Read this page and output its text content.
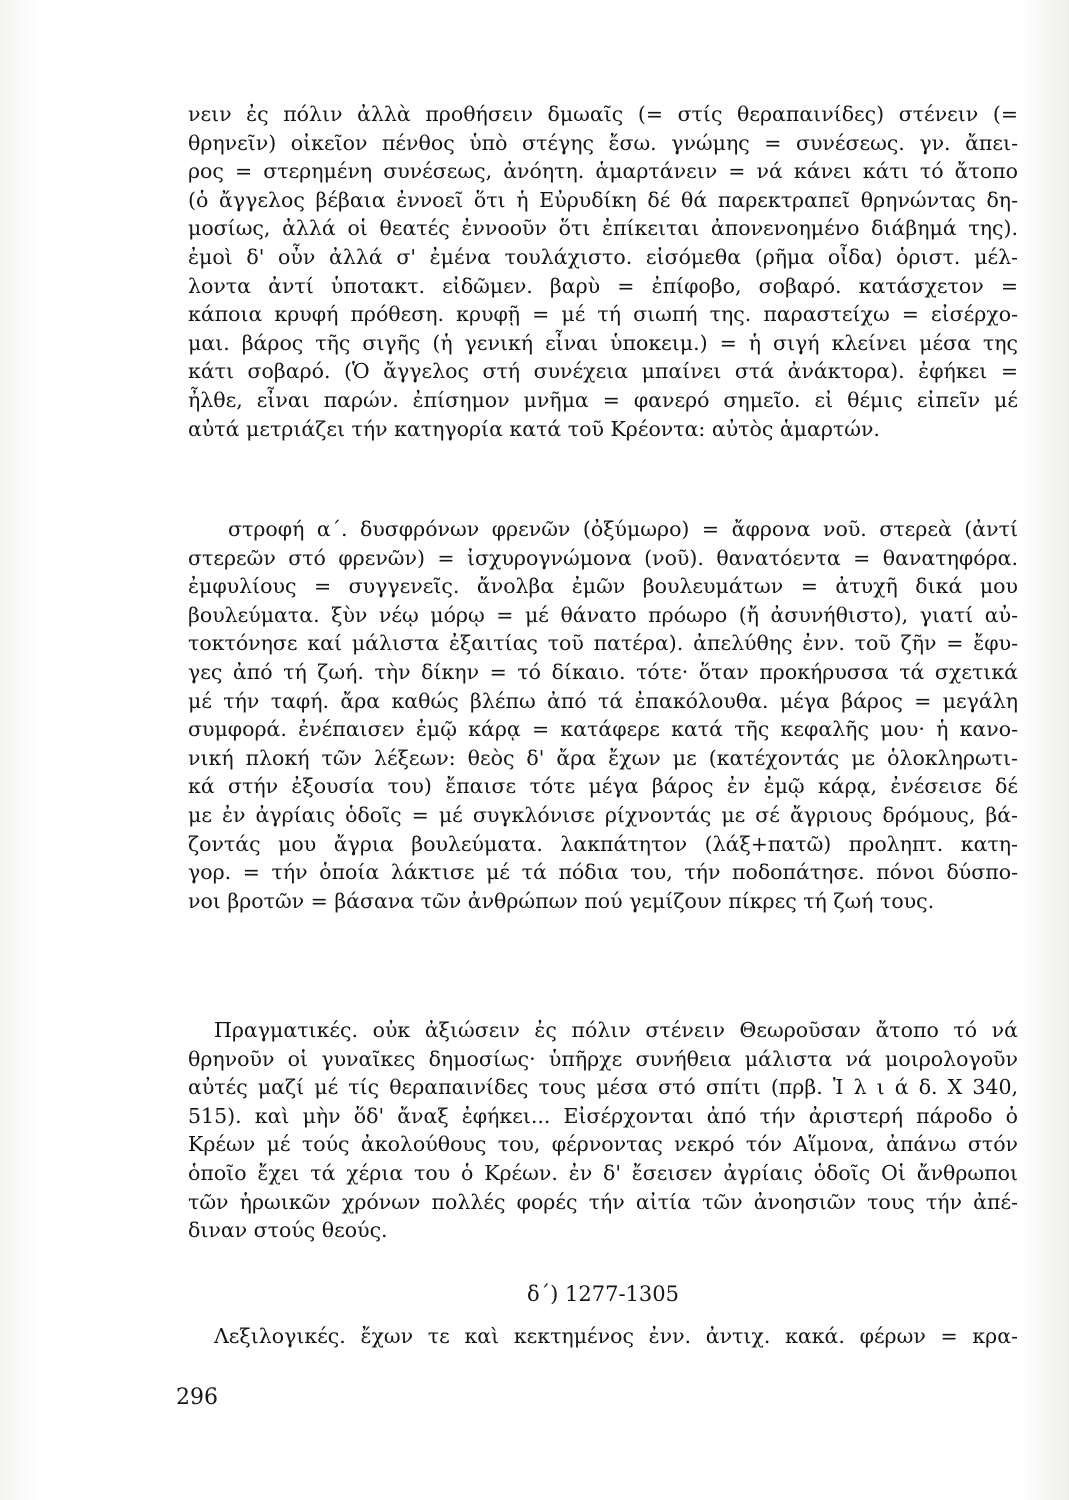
νειν ἐς πόλιν ἀλλὰ προθήσειν δμωαῖς (= στίς θεραπαινίδες) στένειν (=
θρηνεῖν) οἰκεῖον πένθος ὑπὸ στέγης ἔσω. γνώμης = συνέσεως. γν. ἄπει-
ρος = στερημένη συνέσεως, ἀνόητη. ἁμαρτάνειν = νά κάνει κάτι τό ἄτοπο
(ὁ ἄγγελος βέβαια ἐννοεῖ ὅτι ἡ Εὐρυδίκη δέ θά παρεκτραπεῖ θρηνώντας δη-
μοσίως, ἀλλά οἱ θεατές ἐννοοῦν ὅτι ἐπίκειται ἀπονενοημένο διάβημά της).
ἐμοὶ δ' οὖν ἀλλά σ' ἐμένα τουλάχιστο. εἰσόμεθα (ρῆμα οἶδα) ὁριστ. μέλ-
λοντα ἀντί ὑποτακτ. εἰδῶμεν. βαρὺ = ἐπίφοβο, σοβαρό. κατάσχετον =
κάποια κρυφή πρόθεση. κρυφῇ = μέ τή σιωπή της. παραστείχω = εἰσέρχο-
μαι. βάρος τῆς σιγῆς (ἡ γενική εἶναι ὑποκειμ.) = ἡ σιγή κλείνει μέσα της
κάτι σοβαρό. (Ὁ ἄγγελος στή συνέχεια μπαίνει στά ἀνάκτορα). ἐφήκει =
ἦλθε, εἶναι παρών. ἐπίσημον μνῆμα = φανερό σημεῖο. εἰ θέμις εἰπεῖν μέ
αὐτά μετριάζει τήν κατηγορία κατά τοῦ Κρέοντα: αὐτὸς ἁμαρτών.
στροφή α΄. δυσφρόνων φρενῶν (ὀξύμωρο) = ἄφρονα νοῦ. στερεὰ (ἀντί
στερεῶν στό φρενῶν) = ἰσχυρογνώμονα (νοῦ). θανατόεντα = θανατηφόρα.
ἐμφυλίους = συγγενεῖς. ἄνολβα ἐμῶν βουλευμάτων = ἀτυχῆ δικά μου
βουλεύματα. ξὺν νέῳ μόρῳ = μέ θάνατο πρόωρο (ἤ ἀσυνήθιστο), γιατί αὐ-
τοκτόνησε καί μάλιστα ἐξαιτίας τοῦ πατέρα). ἀπελύθης ἐνν. τοῦ ζῆν = ἔφυ-
γες ἀπό τή ζωή. τὴν δίκην = τό δίκαιο. τότε· ὅταν προκήρυσσα τά σχετικά
μέ τήν ταφή. ἄρα καθώς βλέπω ἀπό τά ἐπακόλουθα. μέγα βάρος = μεγάλη
συμφορά. ἐνέπαισεν ἐμῷ κάρᾳ = κατάφερε κατά τῆς κεφαλῆς μου· ἡ κανο-
νική πλοκή τῶν λέξεων: θεὸς δ' ἄρα ἔχων με (κατέχοντάς με ὁλοκληρωτι-
κά στήν ἐξουσία του) ἔπαισε τότε μέγα βάρος ἐν ἐμῷ κάρᾳ, ἐνέσεισε δέ
με ἐν ἀγρίαις ὁδοῖς = μέ συγκλόνισε ρίχνοντάς με σέ ἄγριους δρόμους, βά-
ζοντάς μου ἄγρια βουλεύματα. λακπάτητον (λάξ+πατῶ) προληπτ. κατη-
γορ. = τήν ὁποία λάκτισε μέ τά πόδια του, τήν ποδοπάτησε. πόνοι δύσπο-
νοι βροτῶν = βάσανα τῶν ἀνθρώπων πού γεμίζουν πίκρες τή ζωή τους.
Πραγματικές. οὐκ ἀξιώσειν ἐς πόλιν στένειν Θεωροῦσαν ἄτοπο τό νά
θρηνοῦν οἱ γυναῖκες δημοσίως· ὑπῆρχε συνήθεια μάλιστα νά μοιρολογοῦν
αὐτές μαζί μέ τίς θεραπαινίδες τους μέσα στό σπίτι (πρβ. Ἰ λ ι ά δ. Χ 340,
515). καὶ μὴν ὅδ' ἄναξ ἐφήκει... Εἰσέρχονται ἀπό τήν ἀριστερή πάροδο ὁ
Κρέων μέ τούς ἀκολούθους του, φέρνοντας νεκρό τόν Αἵμονα, ἀπάνω στόν
ὁποῖο ἔχει τά χέρια του ὁ Κρέων. ἐν δ' ἔσεισεν ἀγρίαις ὁδοῖς Οἱ ἄνθρωποι
τῶν ἡρωικῶν χρόνων πολλές φορές τήν αἰτία τῶν ἀνοησιῶν τους τήν ἀπέ-
διναν στούς θεούς.
δ΄) 1277-1305
Λεξιλογικές. ἔχων τε καὶ κεκτημένος ἐνν. ἀντιχ. κακά. φέρων = κρα-
296
